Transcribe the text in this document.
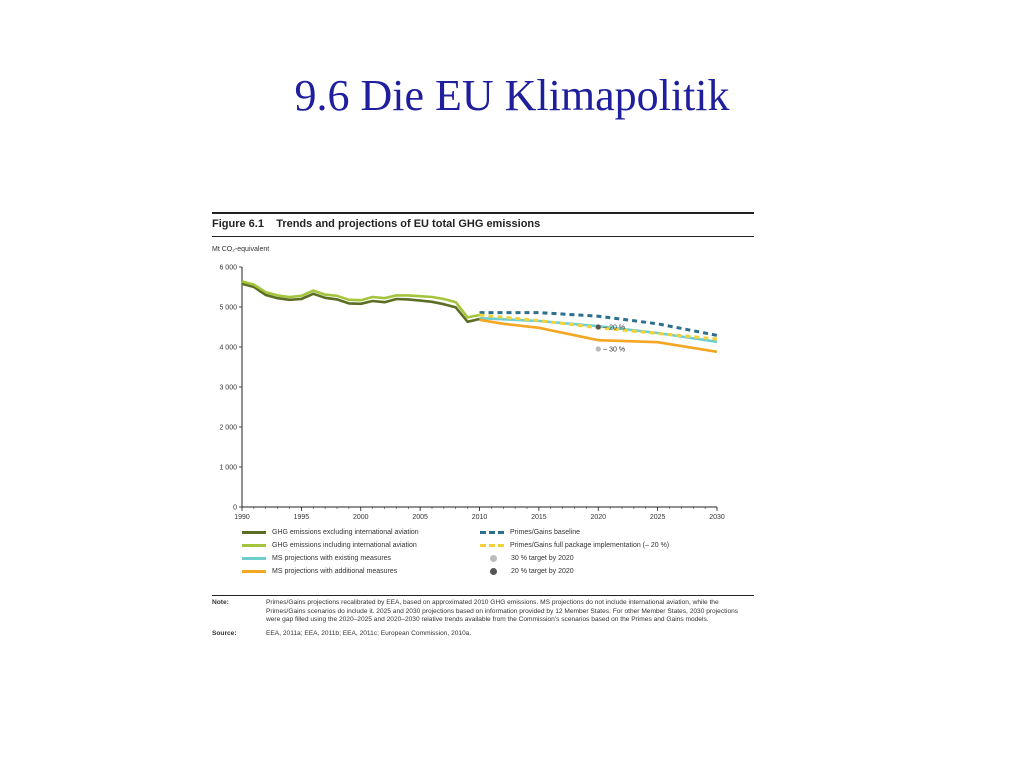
9.6 Die EU Klimapolitik
Figure 6.1 Trends and projections of EU total GHG emissions
Mt CO₂-equivalent
0
1 000
2 000
3 000
4 000
5 000
6 000
1990	1995	2000	2005	2010	2015	2020	2025	2030
– 20 %
– 30 %
GHG emissions excluding international aviation
GHG emissions including international aviation
MS projections with existing measures
MS projections with additional measures
Primes/Gains baseline
Primes/Gains full package implementation (– 20 %)
30 % target by 2020
20 % target by 2020
Note:	Primes/Gains projections recalibrated by EEA, based on approximated 2010 GHG emissions. MS projections do not include international aviation, while the Primes/Gains scenarios do include it. 2025 and 2030 projections based on information provided by 12 Member States. For other Member States, 2030 projections were gap filled using the 2020–2025 and 2020–2030 relative trends available from the Commission's scenarios based on the Primes and Gains models.
Source:	EEA, 2011a; EEA, 2011b; EEA, 2011c; European Commission, 2010a.
